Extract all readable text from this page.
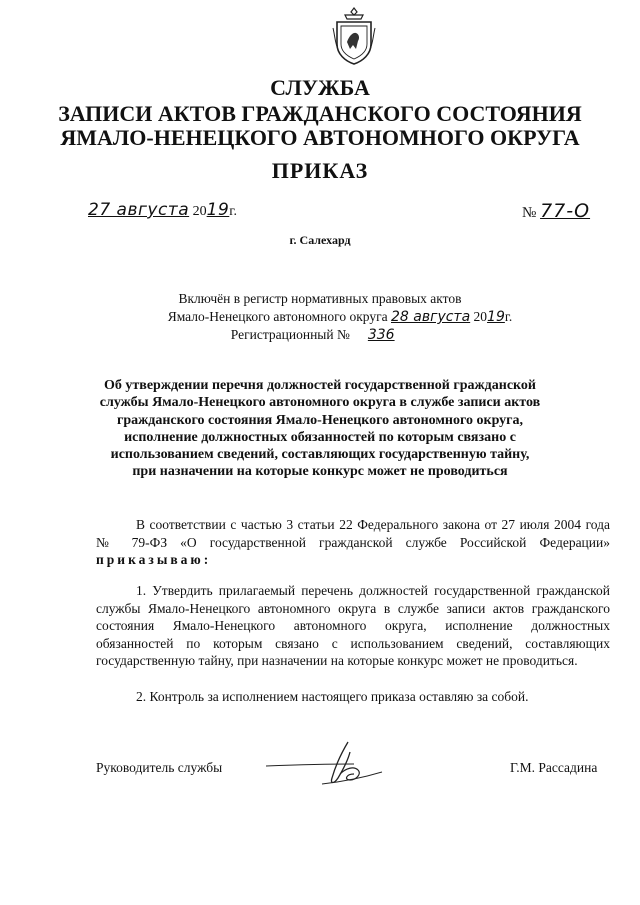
СЛУЖБА
ЗАПИСИ АКТОВ ГРАЖДАНСКОГО СОСТОЯНИЯ
ЯМАЛО-НЕНЕЦКОГО АВТОНОМНОГО ОКРУГА
ПРИКАЗ
27 августа 2019г.	№ 77-О
г. Салехард
Включён в регистр нормативных правовых актов
Ямало-Ненецкого автономного округа 28 августа 2019г.
Регистрационный № 336
Об утверждении перечня должностей государственной гражданской
службы Ямало-Ненецкого автономного округа в службе записи актов
гражданского состояния Ямало-Ненецкого автономного округа,
исполнение должностных обязанностей по которым связано с
использованием сведений, составляющих государственную тайну,
при назначении на которые конкурс может не проводиться
В соответствии с частью 3 статьи 22 Федерального закона от 27 июля 2004 года № 79-ФЗ «О государственной гражданской службе Российской Федерации» приказываю:
1. Утвердить прилагаемый перечень должностей государственной гражданской службы Ямало-Ненецкого автономного округа в службе записи актов гражданского состояния Ямало-Ненецкого автономного округа, исполнение должностных обязанностей по которым связано с использованием сведений, составляющих государственную тайну, при назначении на которые конкурс может не проводиться.
2. Контроль за исполнением настоящего приказа оставляю за собой.
Руководитель службы	Г.М. Рассадина
